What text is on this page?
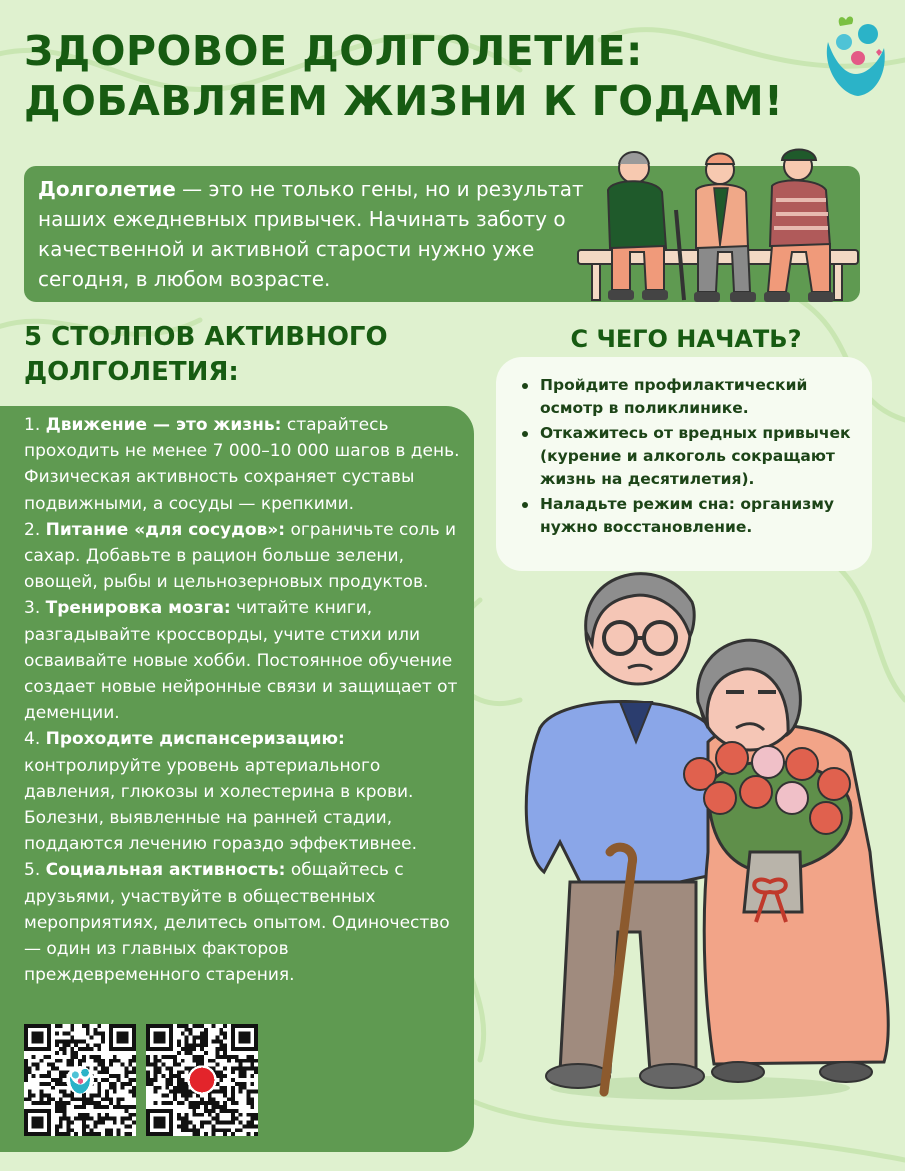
ЗДОРОВОЕ ДОЛГОЛЕТИЕ:
ДОБАВЛЯЕМ ЖИЗНИ К ГОДАМ!
Долголетие — это не только гены, но и результат наших ежедневных привычек. Начинать заботу о качественной и активной старости нужно уже сегодня, в любом возрасте.
5 СТОЛПОВ АКТИВНОГО ДОЛГОЛЕТИЯ:
С ЧЕГО НАЧАТЬ?
Пройдите профилактический осмотр в поликлинике.
Откажитесь от вредных привычек (курение и алкоголь сокращают жизнь на десятилетия).
Наладьте режим сна: организму нужно восстановление.

1. Движение — это жизнь: старайтесь проходить не менее 7 000–10 000 шагов в день. Физическая активность сохраняет суставы подвижными, а сосуды — крепкими.

2. Питание «для сосудов»: ограничьте соль и сахар. Добавьте в рацион больше зелени, овощей, рыбы и цельнозерновых продуктов.

3. Тренировка мозга: читайте книги, разгадывайте кроссворды, учите стихи или осваивайте новые хобби. Постоянное обучение создает новые нейронные связи и защищает от деменции.

4. Проходите диспансеризацию: контролируйте уровень артериального давления, глюкозы и холестерина в крови. Болезни, выявленные на ранней стадии, поддаются лечению гораздо эффективнее.

5. Социальная активность: общайтесь с друзьями, участвуйте в общественных мероприятиях, делитесь опытом. Одиночество — один из главных факторов преждевременного старения.
